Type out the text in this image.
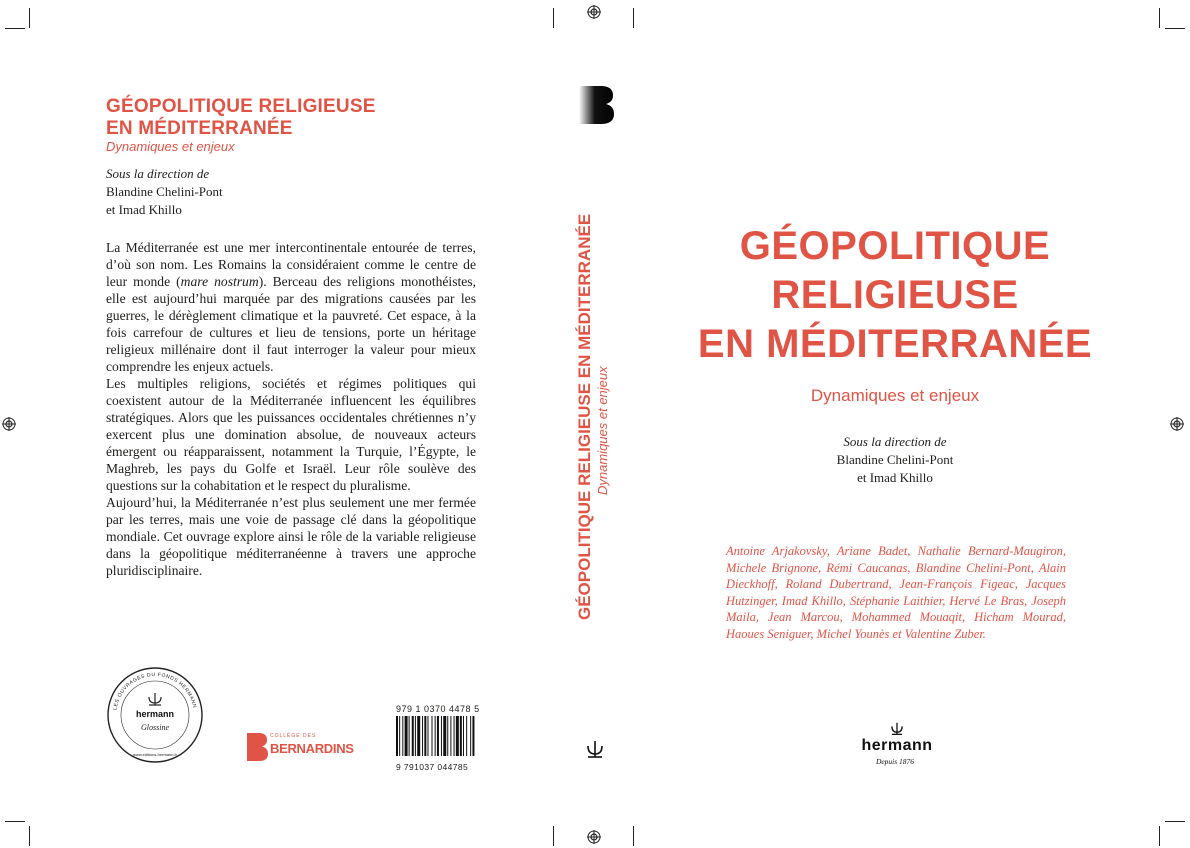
GÉOPOLITIQUE RELIGIEUSE
EN MÉDITERRANÉE
Dynamiques et enjeux
Sous la direction de
Blandine Chelini-Pont
et Imad Khillo

La Méditerranée est une mer intercontinentale entourée de terres, d’où son nom. Les Romains la considéraient comme le centre de leur monde (mare nostrum). Berceau des religions monothéistes, elle est aujourd’hui marquée par des migrations causées par les guerres, le dérèglement climatique et la pauvreté. Cet espace, à la fois carrefour de cultures et lieu de tensions, porte un héritage religieux millénaire dont il faut interroger la valeur pour mieux comprendre les enjeux actuels.

Les multiples religions, sociétés et régimes politiques qui coexistent autour de la Méditerranée influencent les équilibres stratégiques. Alors que les puissances occidentales chrétiennes n’y exercent plus une domination absolue, de nouveaux acteurs émergent ou réapparaissent, notamment la Turquie, l’Égypte, le Maghreb, les pays du Golfe et Israël. Leur rôle soulève des questions sur la cohabitation et le respect du pluralisme.

Aujourd’hui, la Méditerranée n’est plus seulement une mer fermée par les terres, mais une voie de passage clé dans la géopolitique mondiale. Cet ouvrage explore ainsi le rôle de la variable religieuse dans la géopolitique méditerranéenne à travers une approche pluridisciplinaire.

LES OUVRAGES DU FONDS HERMANN
hermann
Glossine
www.editions-hermann.fr
COLLÈGE DES
BERNARDINS
979 1 0370 4478 5
9 791037 044785
GÉOPOLITIQUE RELIGIEUSE EN MÉDITERRANÉE Dynamiques et enjeux
GÉOPOLITIQUE
RELIGIEUSE
EN MÉDITERRANÉE
Dynamiques et enjeux
Sous la direction de
Blandine Chelini-Pont
et Imad Khillo
Antoine Arjakovsky, Ariane Badet, Nathalie Bernard-Maugiron, Michele Brignone, Rémi Caucanas, Blandine Chelini-Pont, Alain Dieckhoff, Roland Dubertrand, Jean-François Figeac, Jacques Hutzinger, Imad Khillo, Stéphanie Laithier, Hervé Le Bras, Joseph Maila, Jean Marcou, Mohammed Mouaqit, Hicham Mourad, Haoues Seniguer, Michel Younès et Valentine Zuber.
hermann
Depuis 1876
